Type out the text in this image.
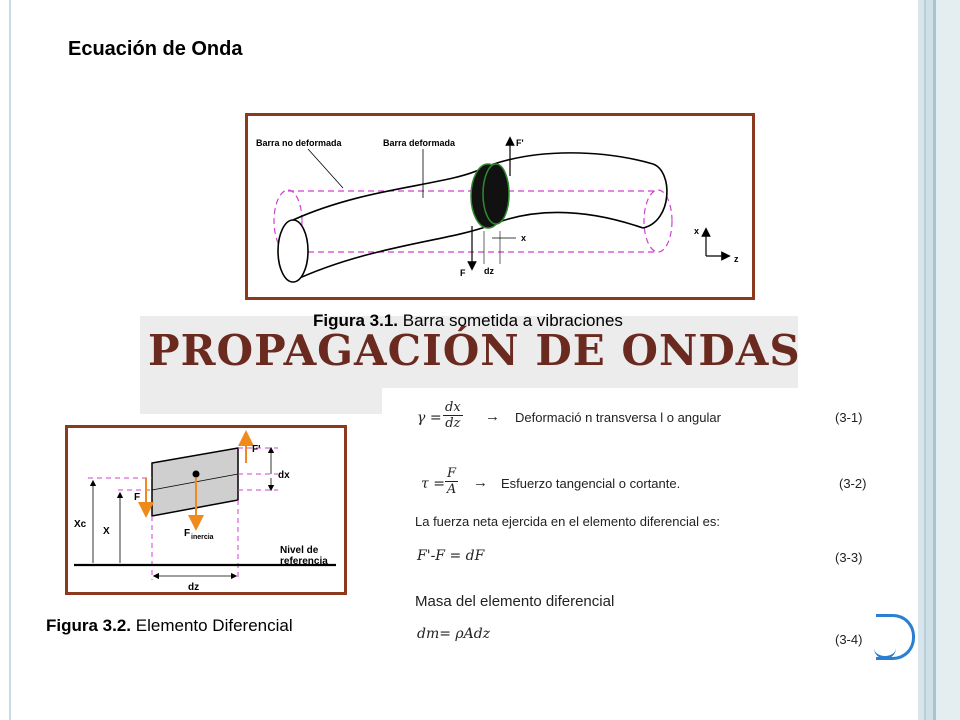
Ecuación de Onda
Barra no deformada	Barra deformada	F'
F
x
dz
x
z
PROPAGACIÓN DE ONDAS
Figura 3.1. Barra sometida a vibraciones
F'
F
F inercia
dx
Xc
X
Nivel de
referencia
dz
Figura 3.2. Elemento Diferencial
$\gamma = \frac{dx}{dz}$ → Deformació n transversa l o angular	(3-1)
$\tau = \frac{F}{A}$ → Esfuerzo tangencial o cortante.	(3-2)
La fuerza neta ejercida en el elemento diferencial es:
F'-F = dF	(3-3)
Masa del elemento diferencial
dm= ρAdz	(3-4)
